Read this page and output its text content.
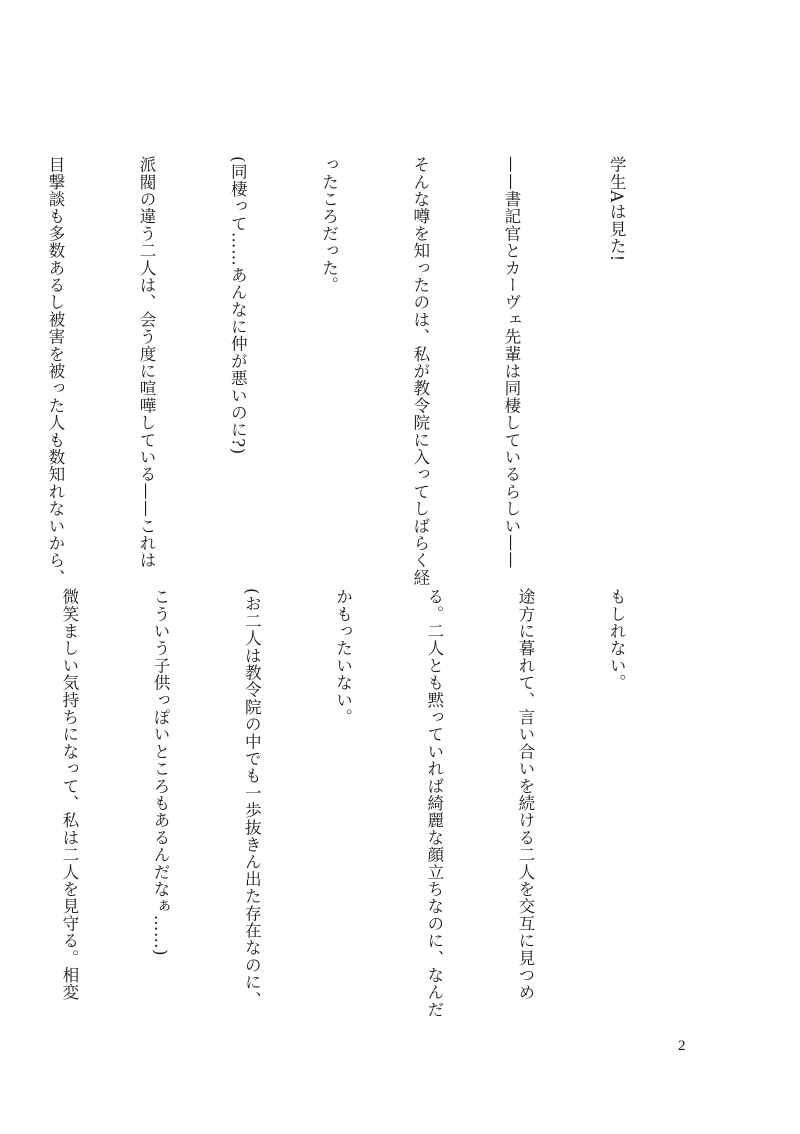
学生Aは見た!

——書記官とカーヴェ先輩は同棲しているらしい——

そんな噂を知ったのは、私が教令院に入ってしばらく経

ったころだった。

(同棲って……あんなに仲が悪いのに?)

派閥の違う二人は、会う度に喧嘩している——これは

目撃談も多数あるし被害を被った人も数知れないから、

もしれない。

途方に暮れて、言い合いを続ける二人を交互に見つめ

る。二人とも黙っていれば綺麗な顔立ちなのに、なんだ

かもったいない。

(お二人は教令院の中でも一歩抜きん出た存在なのに、

こういう子供っぽいところもあるんだなぁ……)

微笑ましい気持ちになって、私は二人を見守る。相変

2
